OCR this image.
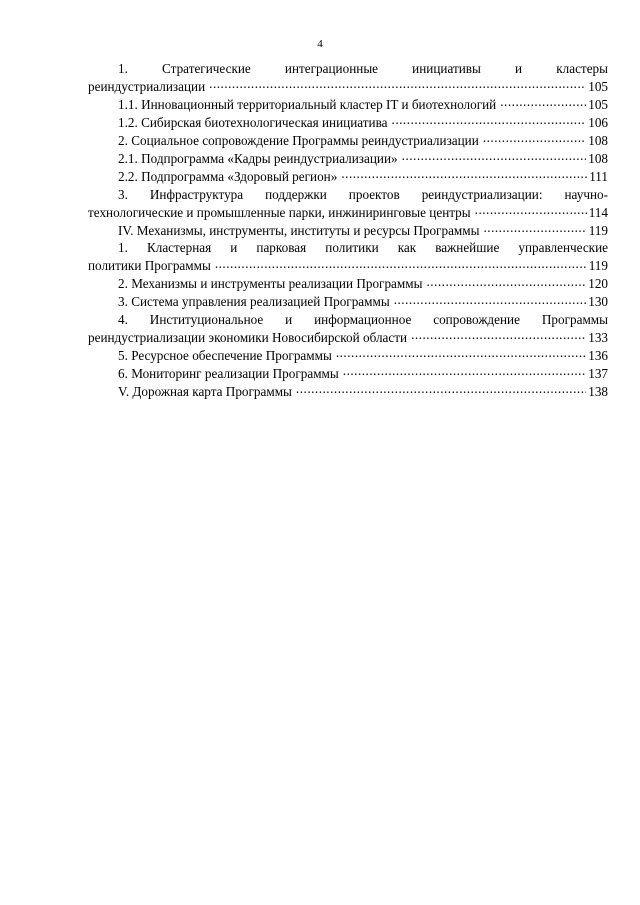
4
1. Стратегические интеграционные инициативы и кластеры
реиндустриализации .....	105
1.1. Инновационный территориальный кластер IT и биотехнологий .....	105
1.2. Сибирская биотехнологическая инициатива .....	106
2. Социальное сопровождение Программы реиндустриализации .....	108
2.1. Подпрограмма «Кадры реиндустриализации» .....	108
2.2. Подпрограмма «Здоровый регион» .....	111
3. Инфраструктура поддержки проектов реиндустриализации: научно-
технологические и промышленные парки, инжиниринговые центры .....	114
IV. Механизмы, инструменты, институты и ресурсы Программы .....	119
1. Кластерная и парковая политики как важнейшие управленческие
политики Программы .....	119
2. Механизмы и инструменты реализации Программы .....	120
3. Система управления реализацией Программы .....	130
4. Институциональное и информационное сопровождение Программы
реиндустриализации экономики Новосибирской области .....	133
5. Ресурсное обеспечение Программы .....	136
6. Мониторинг реализации Программы .....	137
V. Дорожная карта Программы .....	138
